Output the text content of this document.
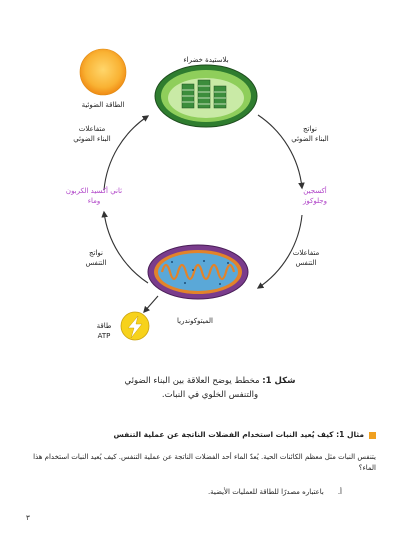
بلاستيدة خضراء
الطاقة الضوئية
متفاعلات
البناء الضوئي
نواتج
البناء الضوئي
ثاني أكسيد الكربون
وماء
أكسجين
وجلوكوز
نواتج
التنفس
متفاعلات
التنفس
الميتوكوندريا
طاقة
ATP
شكل 1: مخطط يوضح العلاقة بين البناء الضوئي
والتنفس الخلوي في النبات.
مثال 1: كيف يُعيد النبات استخدام الفضلات الناتجة عن عملية التنفس
يتنفس النبات مثل معظم الكائنات الحية. يُعدّ الماء أحد الفضلات الناتجة عن عملية التنفس. كيف يُعيد النبات استخدام هذا الماء؟
أ.باعتباره مصدرًا للطاقة للعمليات الأيضية.
٣
